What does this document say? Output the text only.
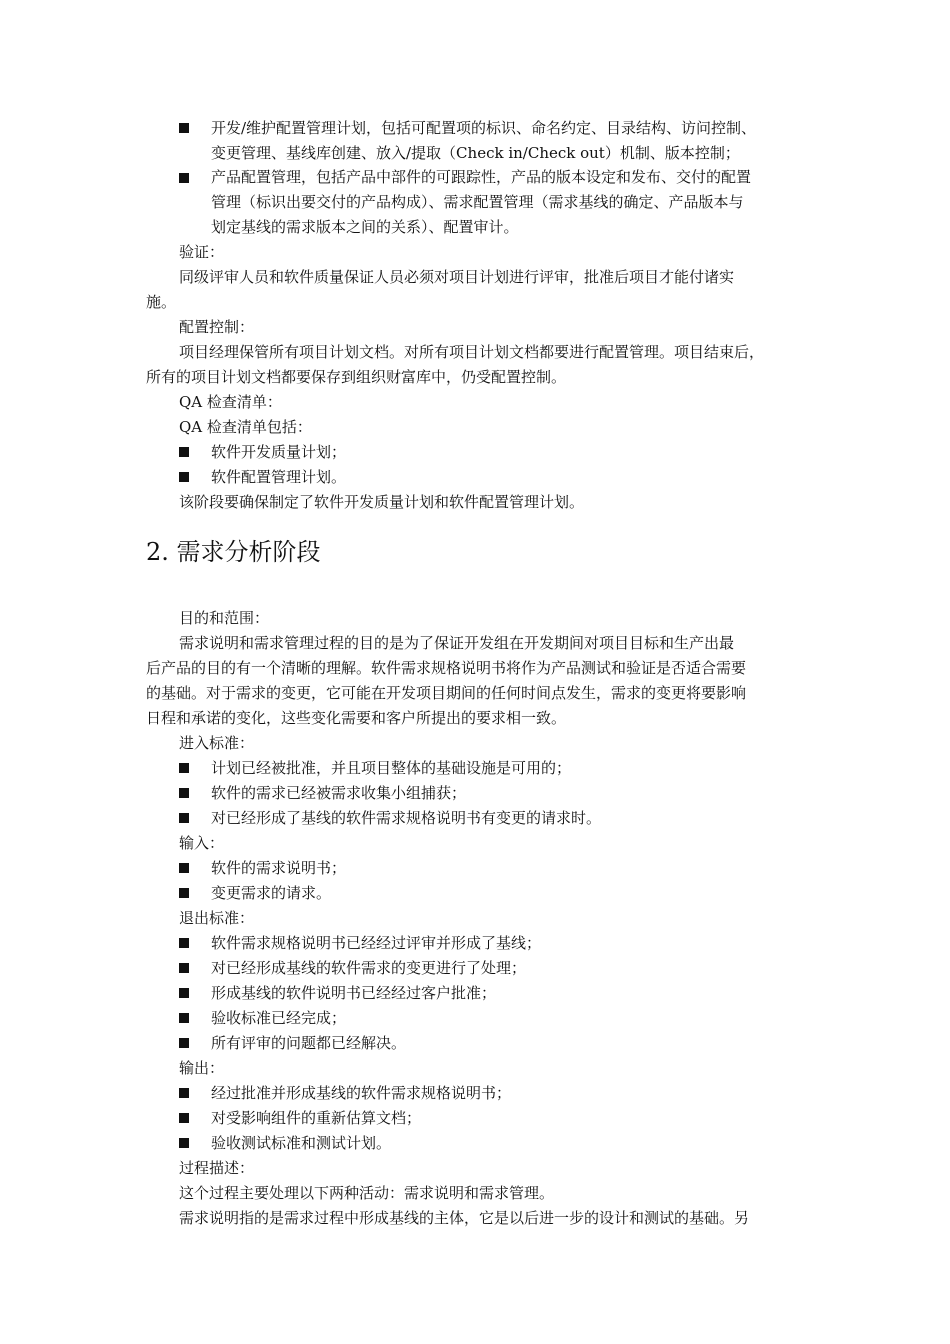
开发/维护配置管理计划，包括可配置项的标识、命名约定、目录结构、访问控制、
变更管理、基线库创建、放入/提取（Check in/Check out）机制、版本控制；
产品配置管理，包括产品中部件的可跟踪性，产品的版本设定和发布、交付的配置
管理（标识出要交付的产品构成）、需求配置管理（需求基线的确定、产品版本与
划定基线的需求版本之间的关系）、配置审计。
验证：
同级评审人员和软件质量保证人员必须对项目计划进行评审，批准后项目才能付诸实
施。
配置控制：
项目经理保管所有项目计划文档。对所有项目计划文档都要进行配置管理。项目结束后，
所有的项目计划文档都要保存到组织财富库中，仍受配置控制。
QA 检查清单：
QA 检查清单包括：
软件开发质量计划；
软件配置管理计划。
该阶段要确保制定了软件开发质量计划和软件配置管理计划。
2. 需求分析阶段
目的和范围：
需求说明和需求管理过程的目的是为了保证开发组在开发期间对项目目标和生产出最
后产品的目的有一个清晰的理解。软件需求规格说明书将作为产品测试和验证是否适合需要
的基础。对于需求的变更，它可能在开发项目期间的任何时间点发生，需求的变更将要影响
日程和承诺的变化，这些变化需要和客户所提出的要求相一致。
进入标准：
计划已经被批准，并且项目整体的基础设施是可用的；
软件的需求已经被需求收集小组捕获；
对已经形成了基线的软件需求规格说明书有变更的请求时。
输入：
软件的需求说明书；
变更需求的请求。
退出标准：
软件需求规格说明书已经经过评审并形成了基线；
对已经形成基线的软件需求的变更进行了处理；
形成基线的软件说明书已经经过客户批准；
验收标准已经完成；
所有评审的问题都已经解决。
输出：
经过批准并形成基线的软件需求规格说明书；
对受影响组件的重新估算文档；
验收测试标准和测试计划。
过程描述：
这个过程主要处理以下两种活动：需求说明和需求管理。
需求说明指的是需求过程中形成基线的主体，它是以后进一步的设计和测试的基础。另
